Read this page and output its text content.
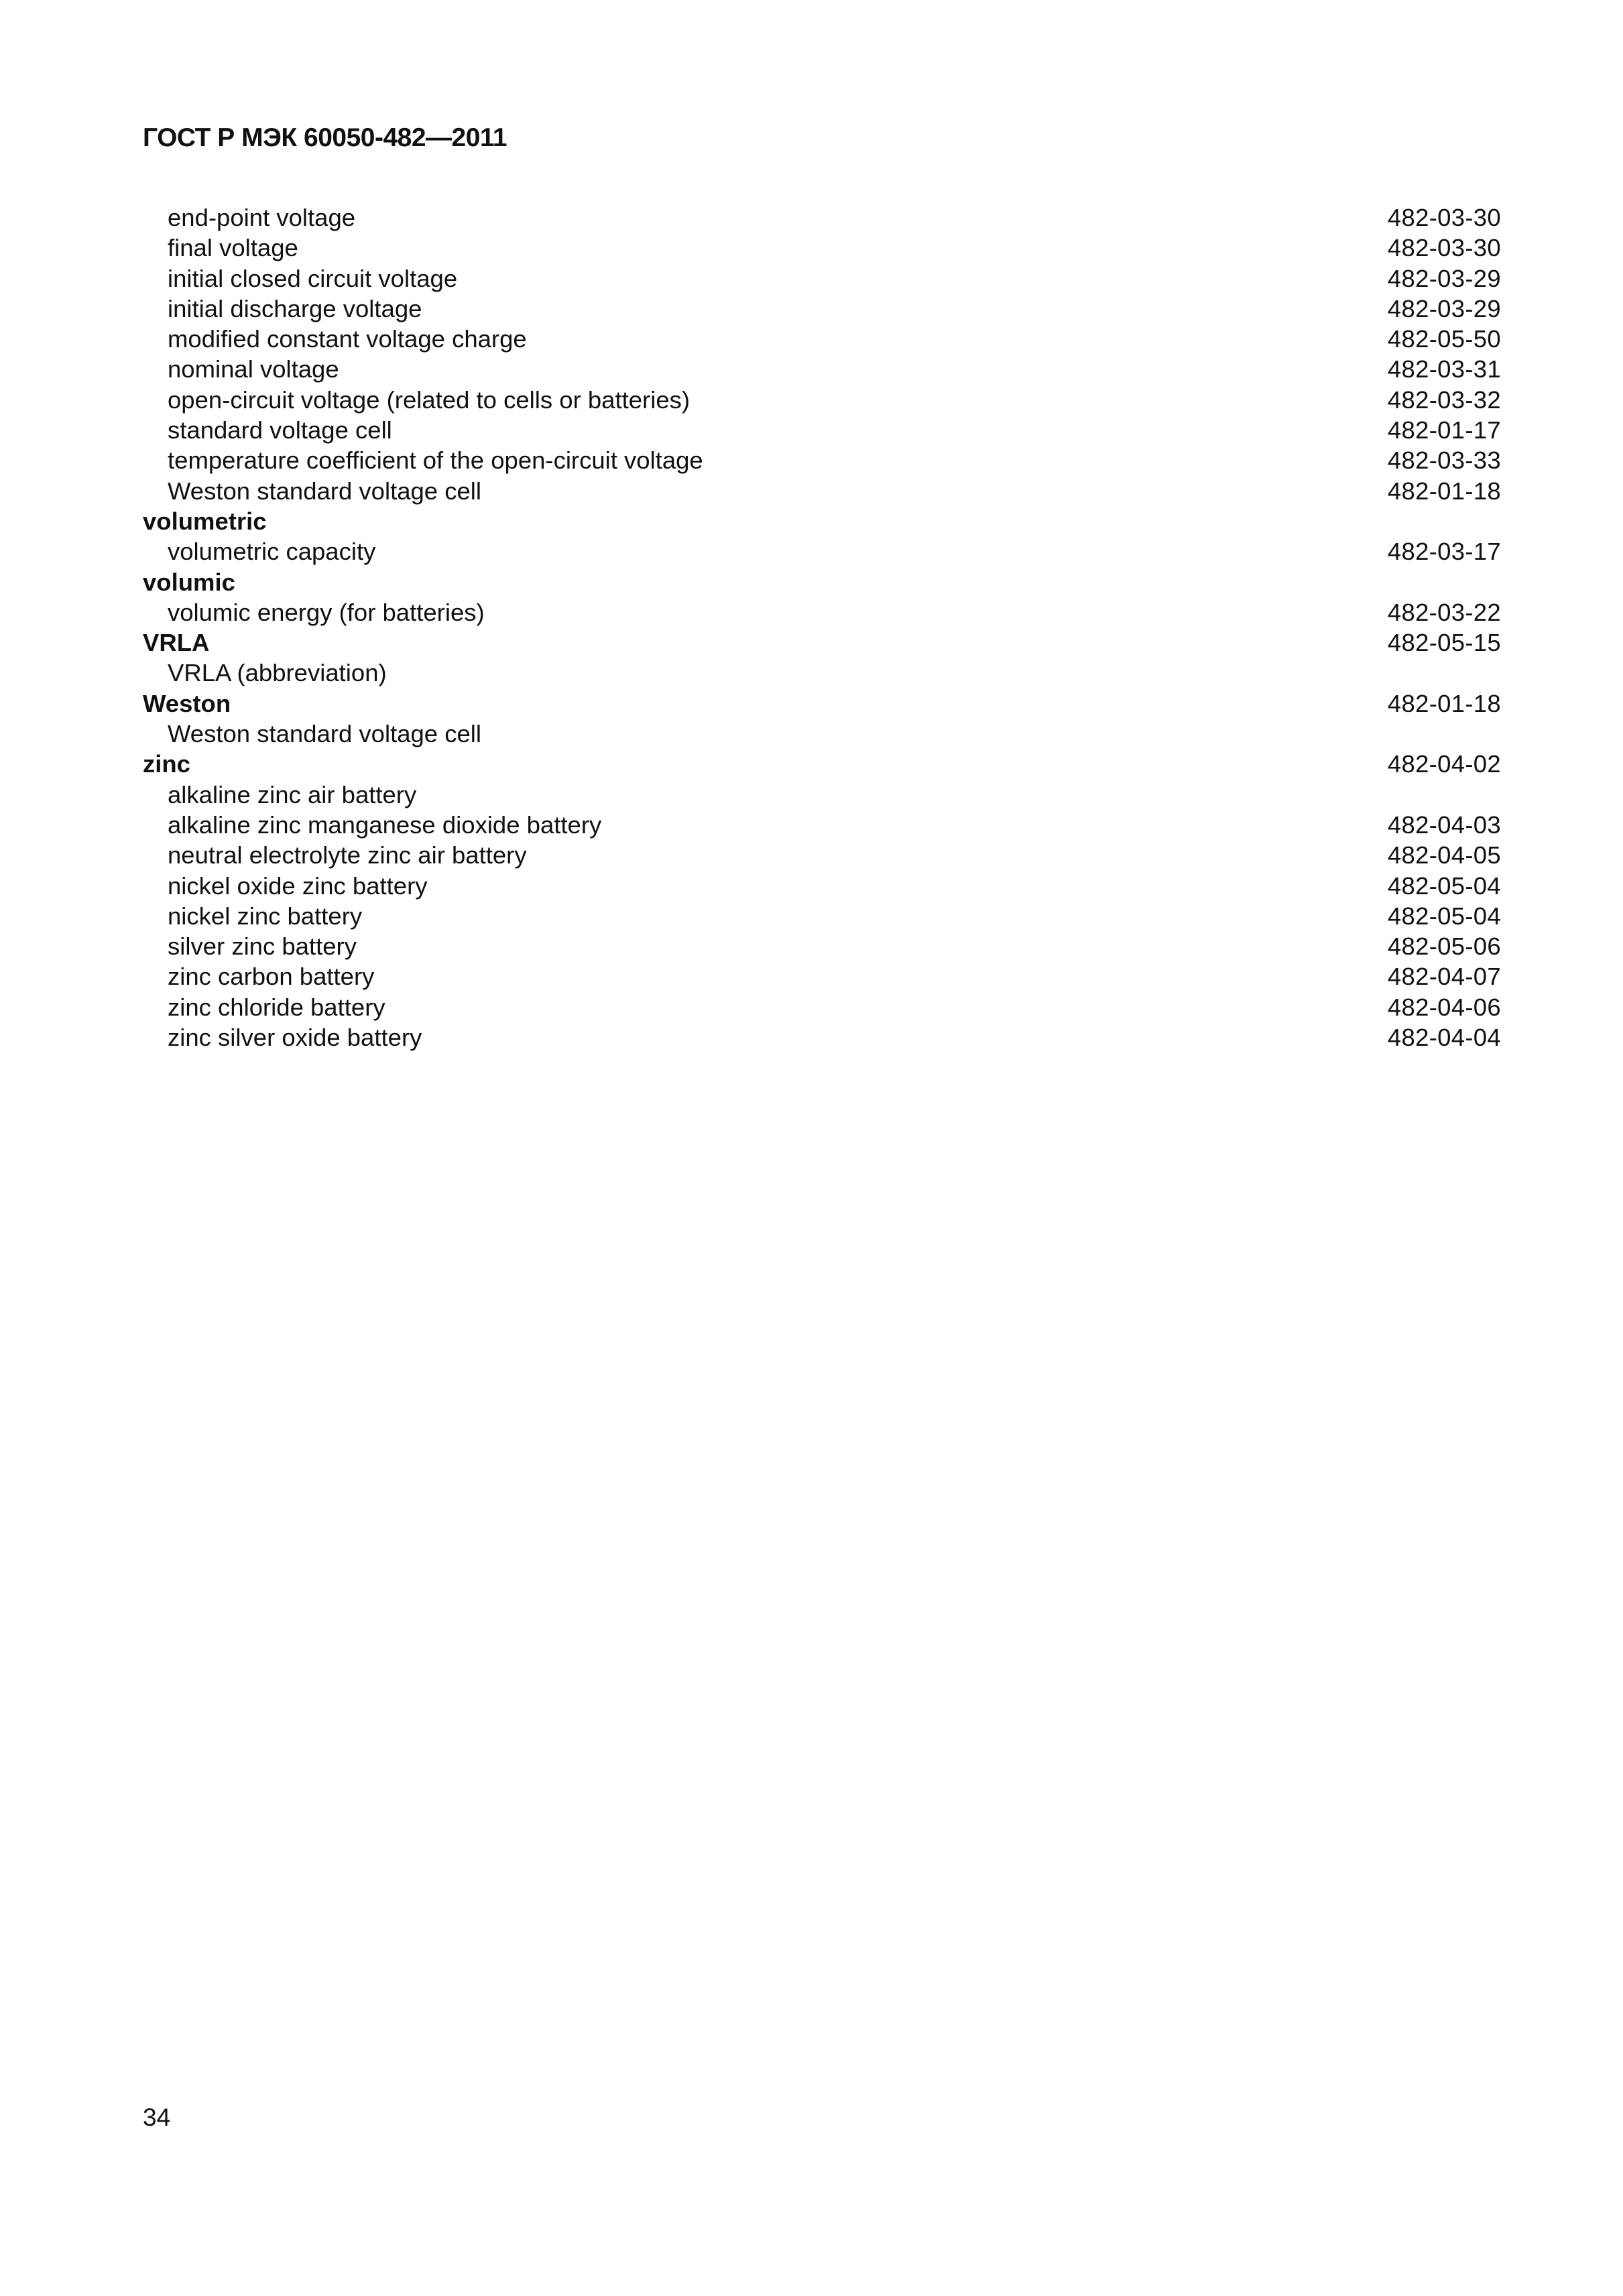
ГОСТ Р МЭК 60050-482—2011
end-point voltage	482-03-30
final voltage	482-03-30
initial closed circuit voltage	482-03-29
initial discharge voltage	482-03-29
modified constant voltage charge	482-05-50
nominal voltage	482-03-31
open-circuit voltage (related to cells or batteries)	482-03-32
standard voltage cell	482-01-17
temperature coefficient of the open-circuit voltage	482-03-33
Weston standard voltage cell	482-01-18
volumetric
volumetric capacity	482-03-17
volumic
volumic energy (for batteries)	482-03-22
VRLA	482-05-15
VRLA (abbreviation)
Weston	482-01-18
Weston standard voltage cell
zinc	482-04-02
alkaline zinc air battery
alkaline zinc manganese dioxide battery	482-04-03
neutral electrolyte zinc air battery	482-04-05
nickel oxide zinc battery	482-05-04
nickel zinc battery	482-05-04
silver zinc battery	482-05-06
zinc carbon battery	482-04-07
zinc chloride battery	482-04-06
zinc silver oxide battery	482-04-04
34
